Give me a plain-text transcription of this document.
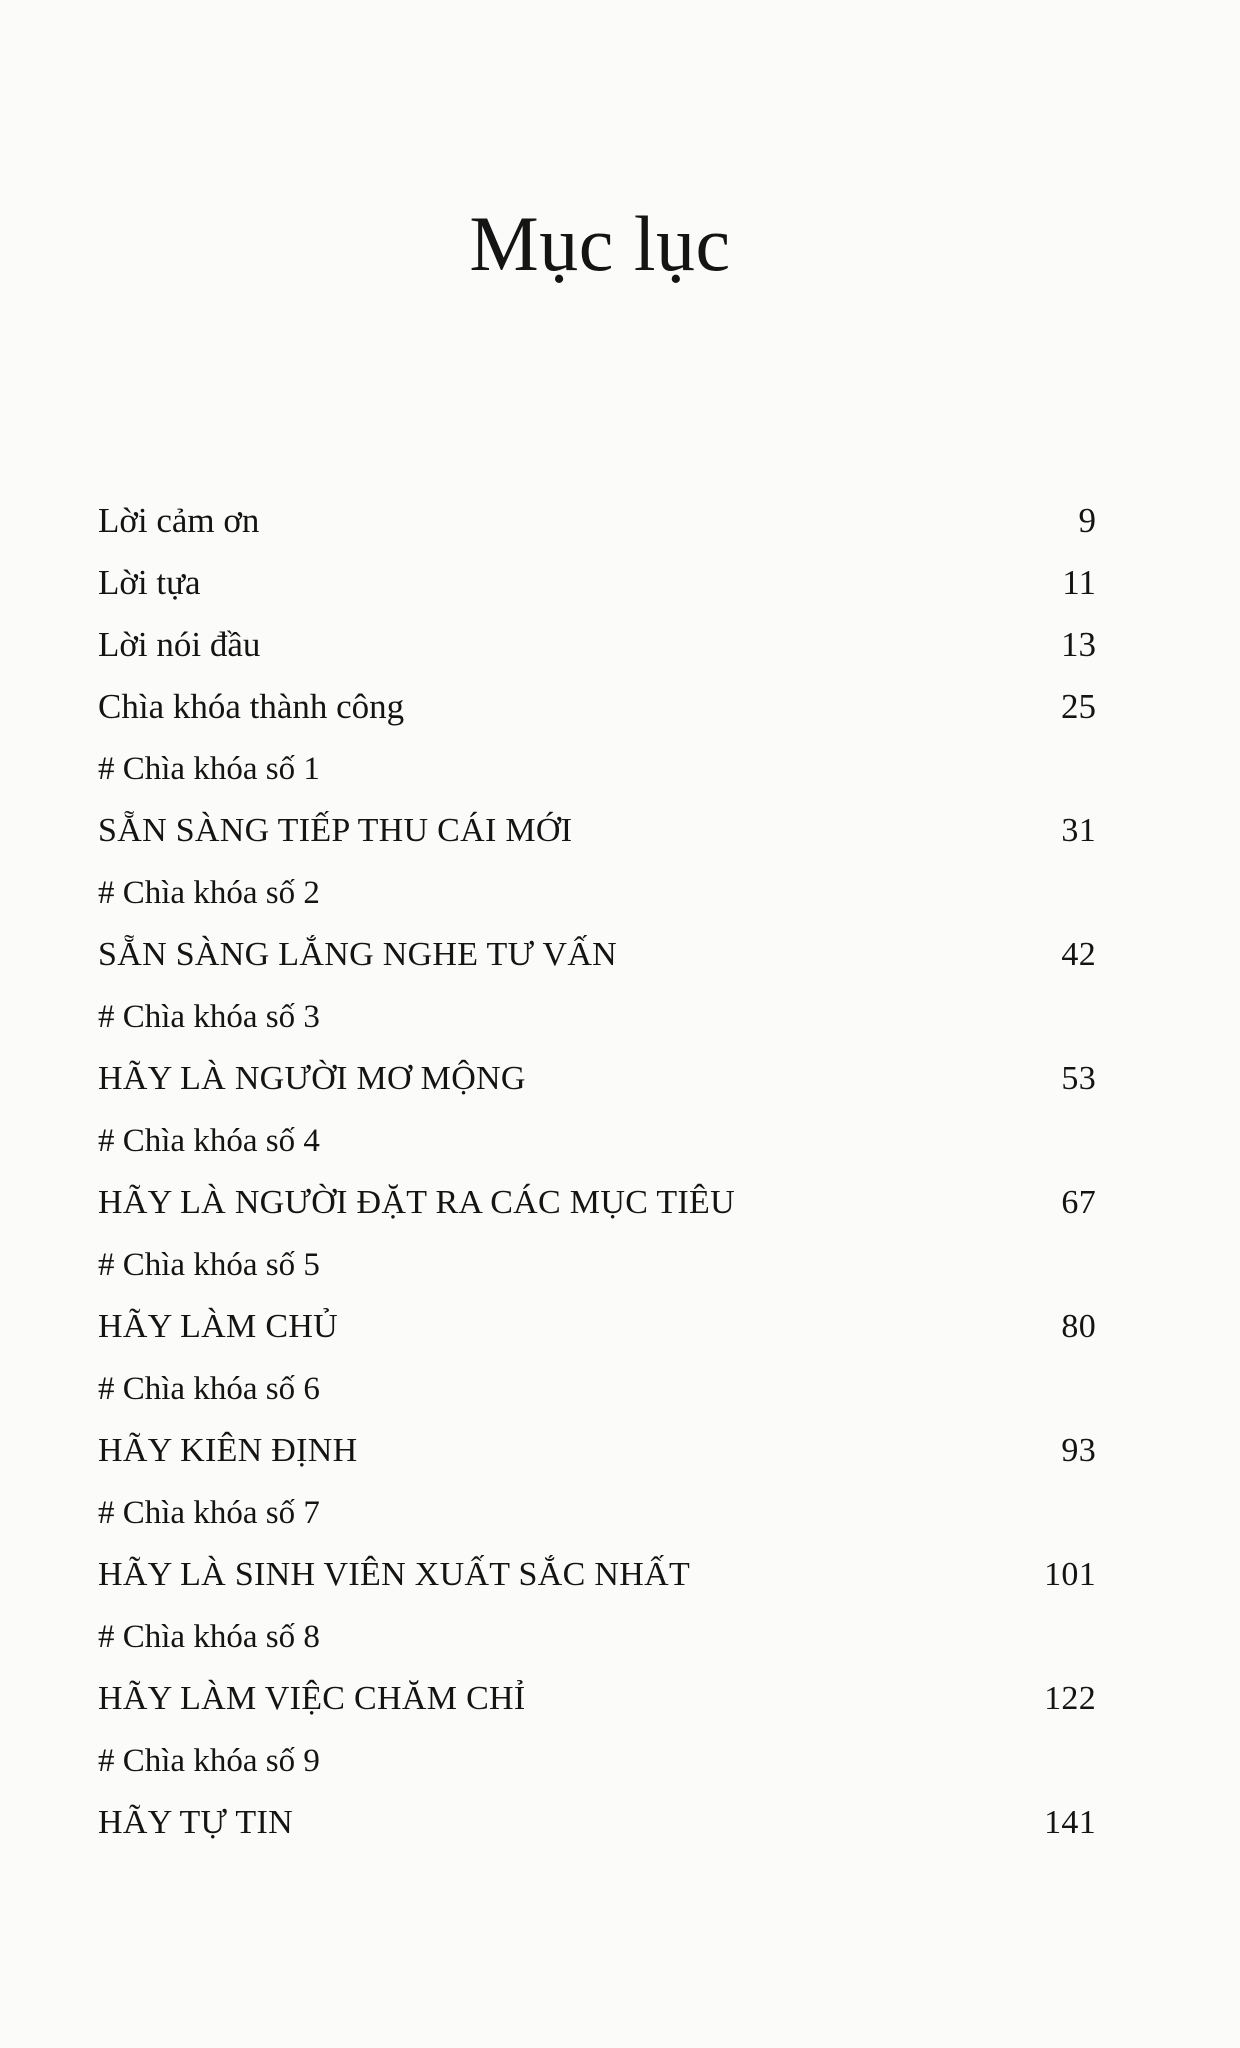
Mục lục
Lời cảm ơn	9
Lời tựa	11
Lời nói đầu	13
Chìa khóa thành công	25
# Chìa khóa số 1
SẴN SÀNG TIẾP THU CÁI MỚI	31
# Chìa khóa số 2
SẴN SÀNG LẮNG NGHE TƯ VẤN	42
# Chìa khóa số 3
HÃY LÀ NGƯỜI MƠ MỘNG	53
# Chìa khóa số 4
HÃY LÀ NGƯỜI ĐẶT RA CÁC MỤC TIÊU	67
# Chìa khóa số 5
HÃY LÀM CHỦ	80
# Chìa khóa số 6
HÃY KIÊN ĐỊNH	93
# Chìa khóa số 7
HÃY LÀ SINH VIÊN XUẤT SẮC NHẤT	101
# Chìa khóa số 8
HÃY LÀM VIỆC CHĂM CHỈ	122
# Chìa khóa số 9
HÃY TỰ TIN	141
